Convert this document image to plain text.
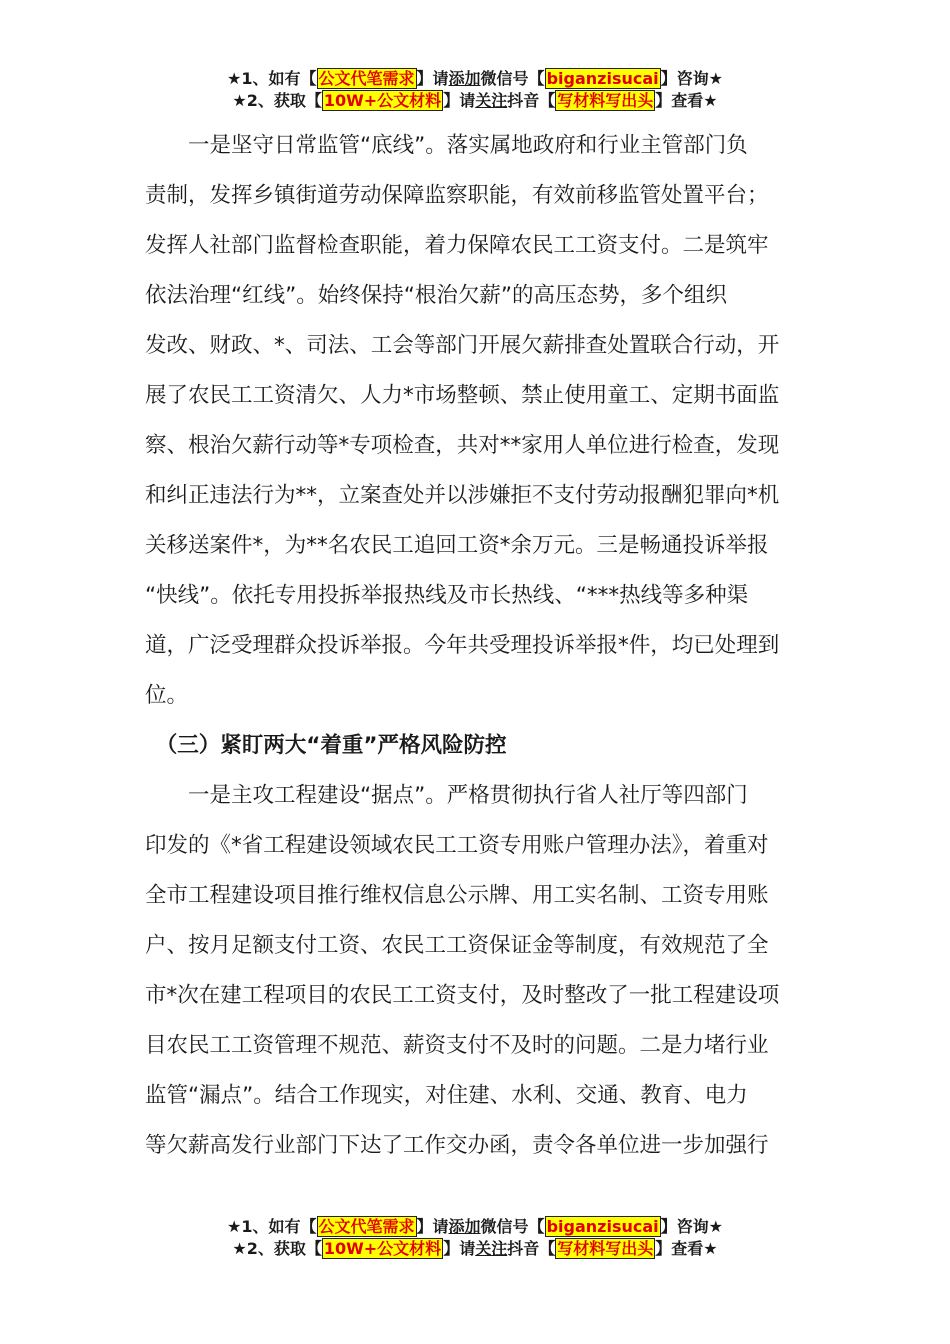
★1、如有【 公文代笔需求 】请添加微信号【 biganzisucai 】咨询★
★2、获取【 10W+公文材料 】请关注抖音【 写材料写出头 】查看★
　　一是坚守日常监管“底线”。落实属地政府和行业主管部门负
责制，发挥乡镇街道劳动保障监察职能，有效前移监管处置平台；
发挥人社部门监督检查职能，着力保障农民工工资支付。二是筑牢
依法治理“红线”。始终保持“根治欠薪”的高压态势，多个组织
发改、财政、*、司法、工会等部门开展欠薪排查处置联合行动，开
展了农民工工资清欠、人力*市场整顿、禁止使用童工、定期书面监
察、根治欠薪行动等*专项检查，共对**家用人单位进行检查，发现
和纠正违法行为**，立案查处并以涉嫌拒不支付劳动报酬犯罪向*机
关移送案件*，为**名农民工追回工资*余万元。三是畅通投诉举报
“快线”。依托专用投拆举报热线及市长热线、“***热线等多种渠
道，广泛受理群众投诉举报。今年共受理投诉举报*件，均已处理到
位。
　（三）紧盯两大“着重”严格风险防控
　　一是主攻工程建设“据点”。严格贯彻执行省人社厅等四部门
印发的《*省工程建设领域农民工工资专用账户管理办法》，着重对
全市工程建设项目推行维权信息公示牌、用工实名制、工资专用账
户、按月足额支付工资、农民工工资保证金等制度，有效规范了全
市*次在建工程项目的农民工工资支付，及时整改了一批工程建设项
目农民工工资管理不规范、薪资支付不及时的问题。二是力堵行业
监管“漏点”。结合工作现实，对住建、水利、交通、教育、电力
等欠薪高发行业部门下达了工作交办函，责令各单位进一步加强行
★1、如有【 公文代笔需求 】请添加微信号【 biganzisucai 】咨询★
★2、获取【 10W+公文材料 】请关注抖音【 写材料写出头 】查看★
